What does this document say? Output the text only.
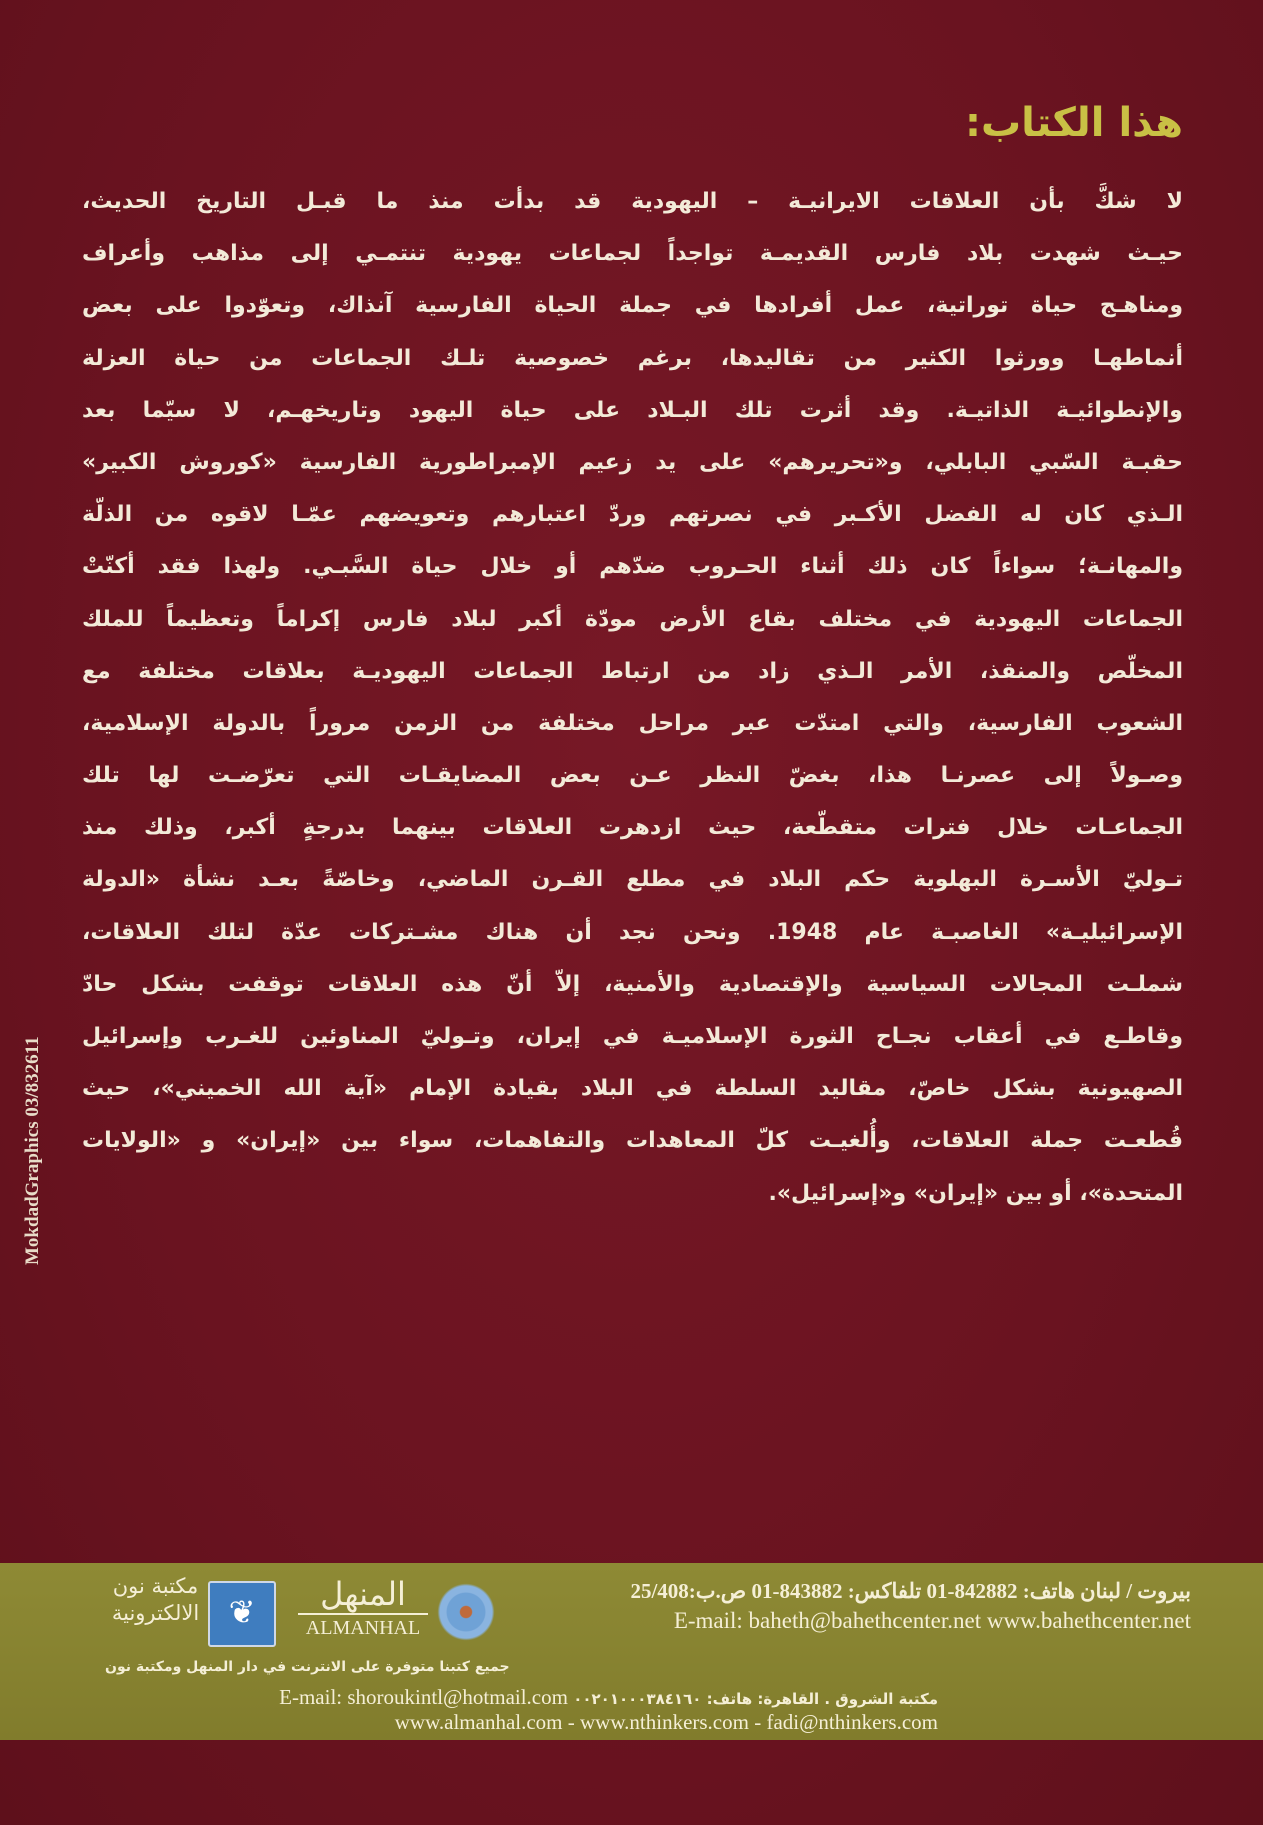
هذا الكتاب:
لا شكَّ بأن العلاقات الايرانيـة – اليهودية قد بدأت منذ ما قبـل التاريخ الحديث،
حيـث شهدت بلاد فارس القديمـة تواجداً لجماعات يهودية تنتمـي إلى مذاهب وأعراف
ومناهـج حياة توراتية، عمل أفرادها في جملة الحياة الفارسية آنذاك، وتعوّدوا على بعض
أنماطهـا وورثوا الكثير من تقاليدها، برغم خصوصية تلـك الجماعات من حياة العزلة
والإنطوائيـة الذاتيـة. وقد أثرت تلك البـلاد على حياة اليهود وتاريخهـم، لا سيّما بعد
حقبـة السّبي البابلي، و«تحريرهم» على يد زعيم الإمبراطورية الفارسية «كوروش الكبير»
الـذي كان له الفضل الأكـبر في نصرتهم وردّ اعتبارهم وتعويضهم عمّـا لاقوه من الذلّة
والمهانـة؛ سواءاً كان ذلك أثناء الحـروب ضدّهم أو خلال حياة السَّبـي. ولهذا فقد أكنّتْ
الجماعات اليهودية في مختلف بقاع الأرض مودّة أكبر لبلاد فارس إكراماً وتعظيماً للملك
المخلّص والمنقذ، الأمر الـذي زاد من ارتباط الجماعات اليهوديـة بعلاقات مختلفة مع
الشعوب الفارسية، والتي امتدّت عبر مراحل مختلفة من الزمن مروراً بالدولة الإسلامية،
وصـولاً إلى عصرنـا هذا، بغضّ النظر عـن بعض المضايقـات التي تعرّضـت لها تلك
الجماعـات خلال فترات متقطّعة، حيث ازدهرت العلاقات بينهما بدرجةٍ أكبر، وذلك منذ
تـوليّ الأسـرة البهلوية حكم البلاد في مطلع القـرن الماضي، وخاصّةً بعـد نشأة «الدولة
الإسرائيليـة» الغاصبـة عام 1948. ونحن نجد أن هناك مشـتركات عدّة لتلك العلاقات،
شملـت المجالات السياسية والإقتصادية والأمنية، إلاّ أنّ هذه العلاقات توقفت بشكل حادّ
وقاطـع في أعقاب نجـاح الثورة الإسلاميـة في إيران، وتـوليّ المناوئين للغـرب وإسرائيل
الصهيونية بشكل خاصّ، مقاليد السلطة في البلاد بقيادة الإمام «آية الله الخميني»، حيث
قُطعـت جملة العلاقات، وأُلغيـت كلّ المعاهدات والتفاهمات، سواء بين «إيران» و «الولايات
المتحدة»، أو بين «إيران» و«إسرائيل».
MokdadGraphics 03/832611
مكتبة نون الالكترونية ❦	المنهل
ALMANHAL
جميع كتبنا متوفرة على الانترنت في دار المنهل ومكتبة نون
بيروت / لبنان هاتف: 842882-01 تلفاكس: 843882-01 ص.ب:25/408
E-mail: baheth@bahethcenter.net www.bahethcenter.net
مكتبة الشروق . القاهرة: هاتف: ٠٠٢٠١٠٠٠٣٨٤١٦٠ E-mail: shoroukintl@hotmail.com
www.almanhal.com - www.nthinkers.com - fadi@nthinkers.com
